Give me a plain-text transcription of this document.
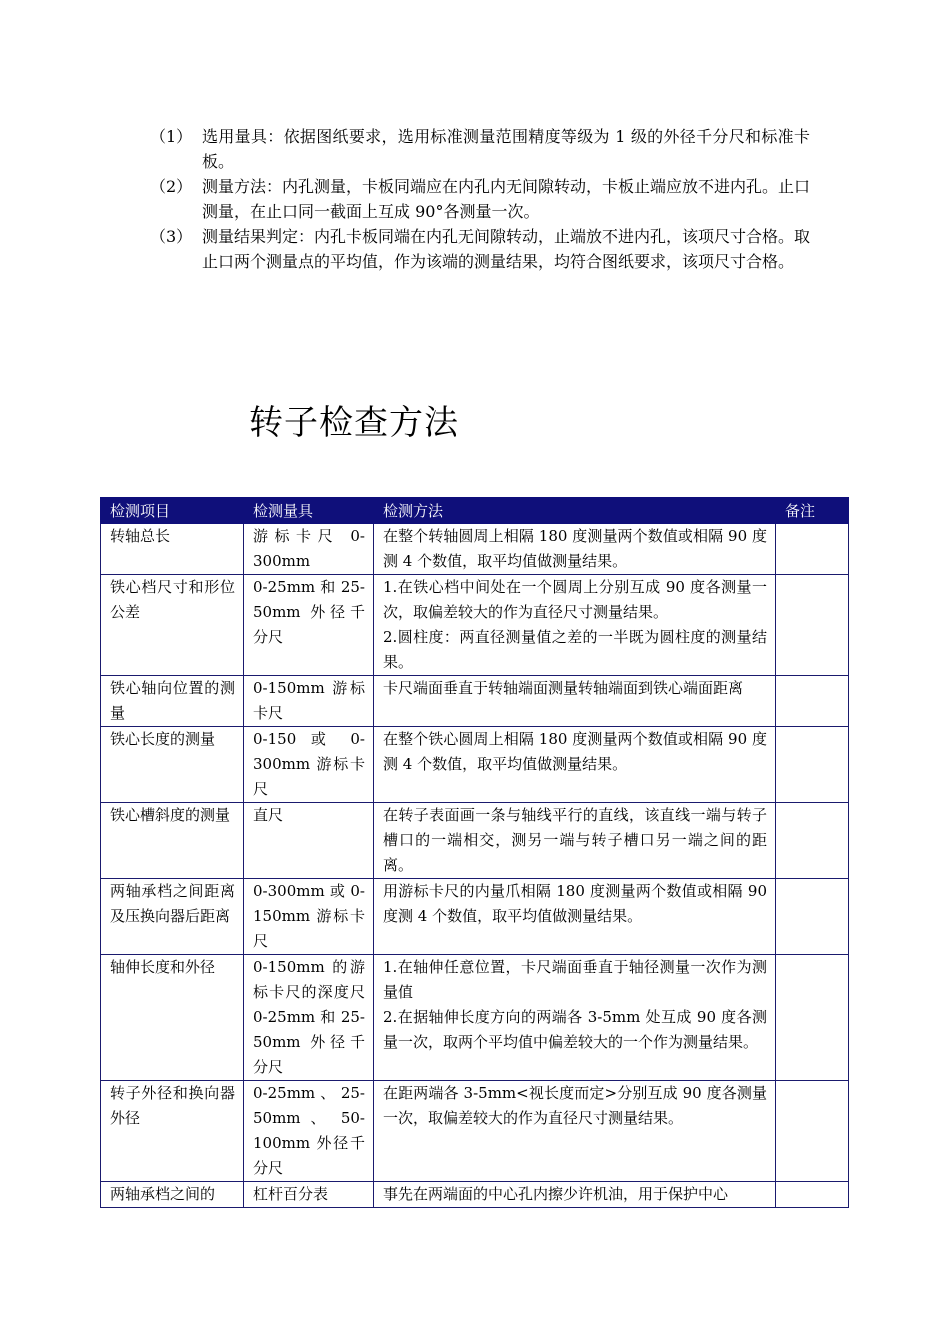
（1） 选用量具：依据图纸要求，选用标准测量范围精度等级为 1 级的外径千分尺和标准卡板。
（2） 测量方法：内孔测量，卡板同端应在内孔内无间隙转动，卡板止端应放不进内孔。止口测量，在止口同一截面上互成 90°各测量一次。
（3） 测量结果判定：内孔卡板同端在内孔无间隙转动，止端放不进内孔，该项尺寸合格。取止口两个测量点的平均值，作为该端的测量结果，均符合图纸要求，该项尺寸合格。
转子检查方法
检测项目	检测量具	检测方法	备注
转轴总长	游标卡尺 0-300mm	在整个转轴圆周上相隔 180 度测量两个数值或相隔 90 度测 4 个数值，取平均值做测量结果。	

铁心档尺寸和形位公差	0-25mm 和 25-50mm 外径千分尺	1.在铁心档中间处在一个圆周上分别互成 90 度各测量一次，取偏差较大的作为直径尺寸测量结果。

2.圆柱度：两直径测量值之差的一半既为圆柱度的测量结果。	

铁心轴向位置的测量	0-150mm 游标卡尺	卡尺端面垂直于转轴端面测量转轴端面到铁心端面距离	

铁心长度的测量	0-150 或 0-300mm 游标卡尺	在整个铁心圆周上相隔 180 度测量两个数值或相隔 90 度测 4 个数值，取平均值做测量结果。	

铁心槽斜度的测量	直尺	在转子表面画一条与轴线平行的直线，该直线一端与转子槽口的一端相交，测另一端与转子槽口另一端之间的距离。	

两轴承档之间距离及压换向器后距离	0-300mm 或 0-150mm 游标卡尺	用游标卡尺的内量爪相隔 180 度测量两个数值或相隔 90 度测 4 个数值，取平均值做测量结果。	

轴伸长度和外径	0-150mm 的游标卡尺的深度尺 0-25mm 和 25-50mm 外径千分尺	1.在轴伸任意位置，卡尺端面垂直于轴径测量一次作为测量值

2.在据轴伸长度方向的两端各 3-5mm 处互成 90 度各测量一次，取两个平均值中偏差较大的一个作为测量结果。	

转子外径和换向器外径	0-25mm 、 25-50mm 、 50-100mm 外径千分尺	在距两端各 3-5mm<视长度而定>分别互成 90 度各测量一次，取偏差较大的作为直径尺寸测量结果。	

两轴承档之间的	杠杆百分表	事先在两端面的中心孔内擦少许机油，用于保护中心	
